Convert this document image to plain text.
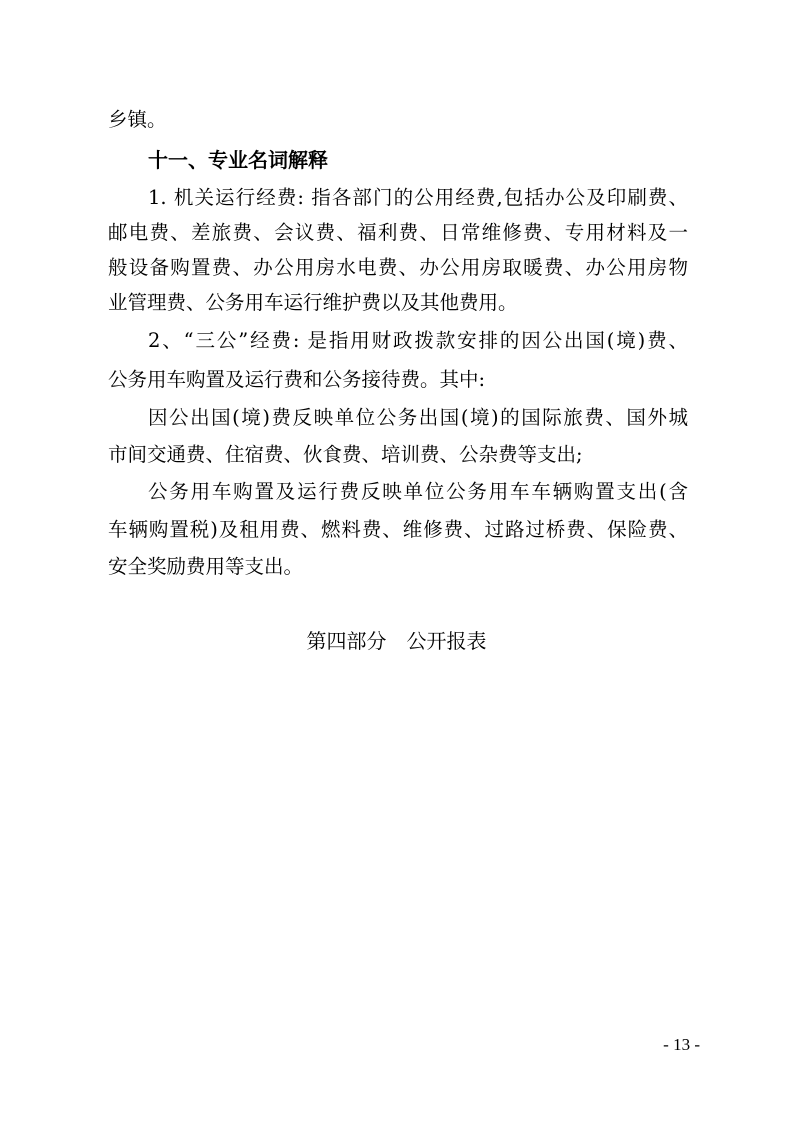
乡镇。
十一、专业名词解释
1. 机关运行经费: 指各部门的公用经费,包括办公及印刷费、
邮电费、差旅费、会议费、福利费、日常维修费、专用材料及一
般设备购置费、办公用房水电费、办公用房取暖费、办公用房物
业管理费、公务用车运行维护费以及其他费用。
2、“三公”经费: 是指用财政拨款安排的因公出国(境)费、
公务用车购置及运行费和公务接待费。其中:
因公出国(境)费反映单位公务出国(境)的国际旅费、国外城
市间交通费、住宿费、伙食费、培训费、公杂费等支出;
公务用车购置及运行费反映单位公务用车车辆购置支出(含
车辆购置税)及租用费、燃料费、维修费、过路过桥费、保险费、
安全奖励费用等支出。
第四部分　公开报表
- 13 -
